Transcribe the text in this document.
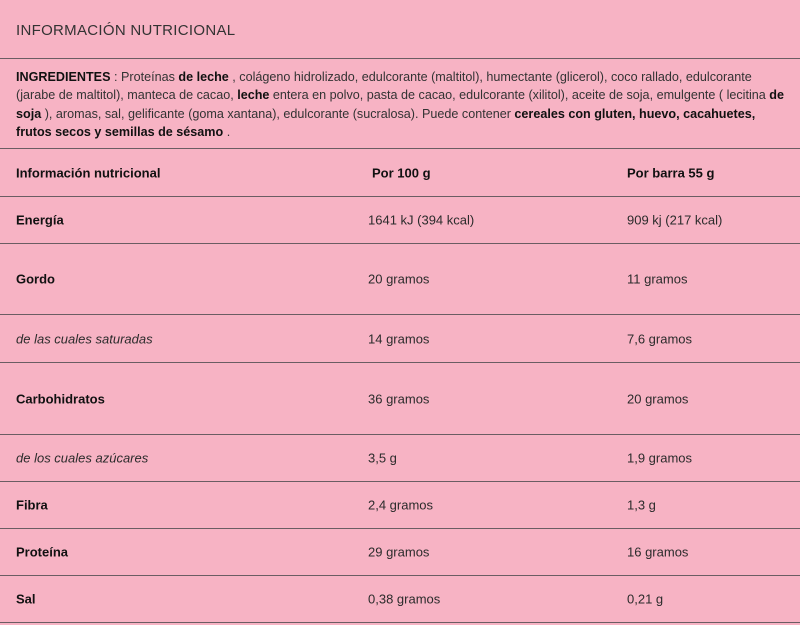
INFORMACIÓN NUTRICIONAL
INGREDIENTES : Proteínas de leche , colágeno hidrolizado, edulcorante (maltitol), humectante (glicerol), coco rallado, edulcorante (jarabe de maltitol), manteca de cacao, leche entera en polvo, pasta de cacao, edulcorante (xilitol), aceite de soja, emulgente ( lecitina de soja ), aromas, sal, gelificante (goma xantana), edulcorante (sucralosa). Puede contener cereales con gluten, huevo, cacahuetes, frutos secos y semillas de sésamo .
Información nutricional	Por 100 g	Por barra 55 g
Energía	1641 kJ (394 kcal)	909 kj (217 kcal)
Gordo	20 gramos	11 gramos
de las cuales saturadas	14 gramos	7,6 gramos
Carbohidratos	36 gramos	20 gramos
de los cuales azúcares	3,5 g	1,9 gramos
Fibra	2,4 gramos	1,3 g
Proteína	29 gramos	16 gramos
Sal	0,38 gramos	0,21 g
